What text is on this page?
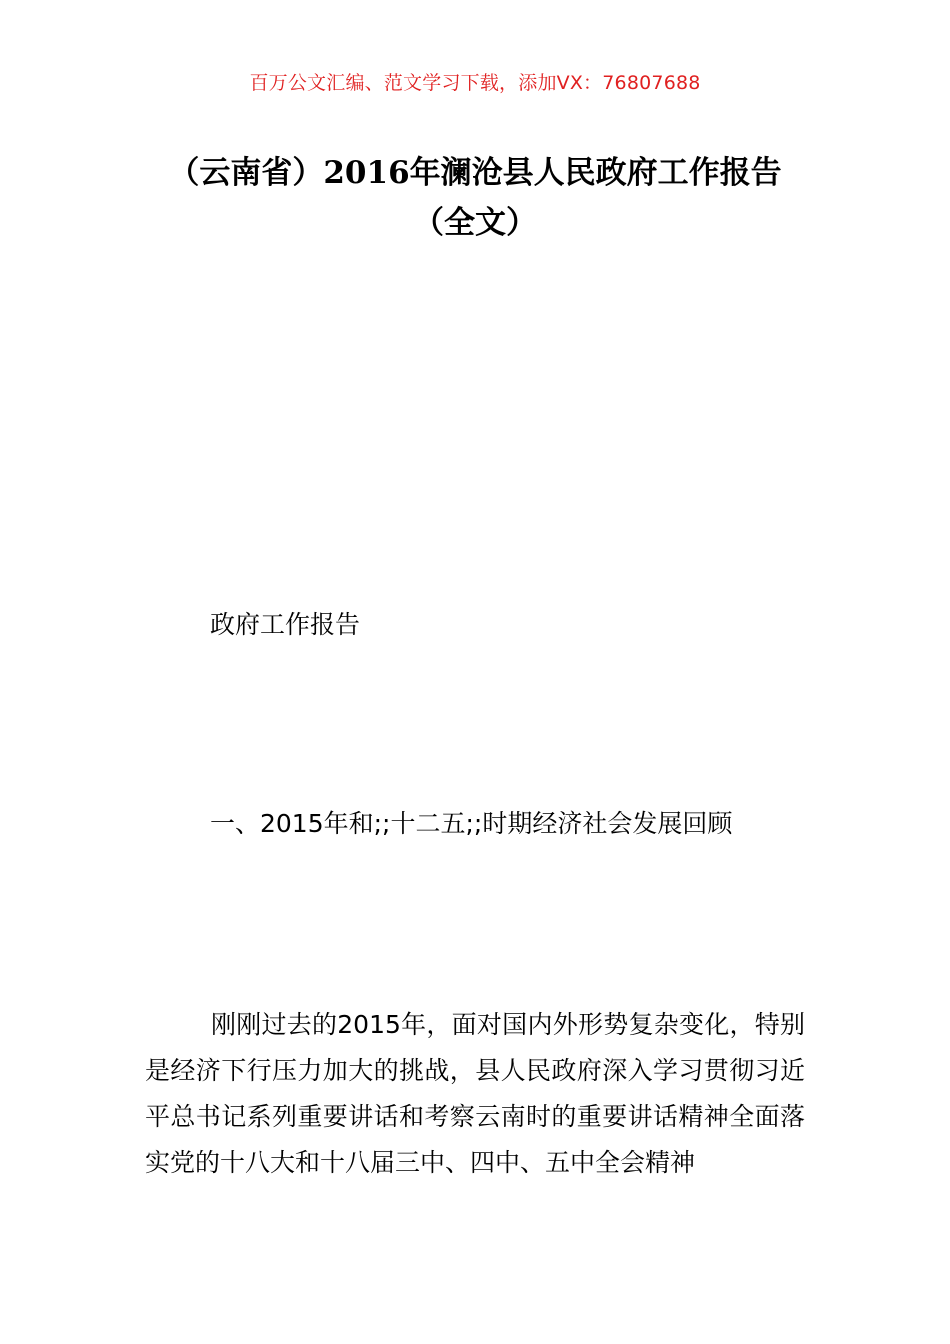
百万公文汇编、范文学习下载，添加VX：76807688
（云南省）2016年澜沧县人民政府工作报告（全文）

政府工作报告

一、2015年和;;十二五;;时期经济社会发展回顾

刚刚过去的2015年，面对国内外形势复杂变化，特别是经济下行压力加大的挑战，县人民政府深入学习贯彻习近平总书记系列重要讲话和考察云南时的重要讲话精神全面落实党的十八大和十八届三中、四中、五中全会精神
